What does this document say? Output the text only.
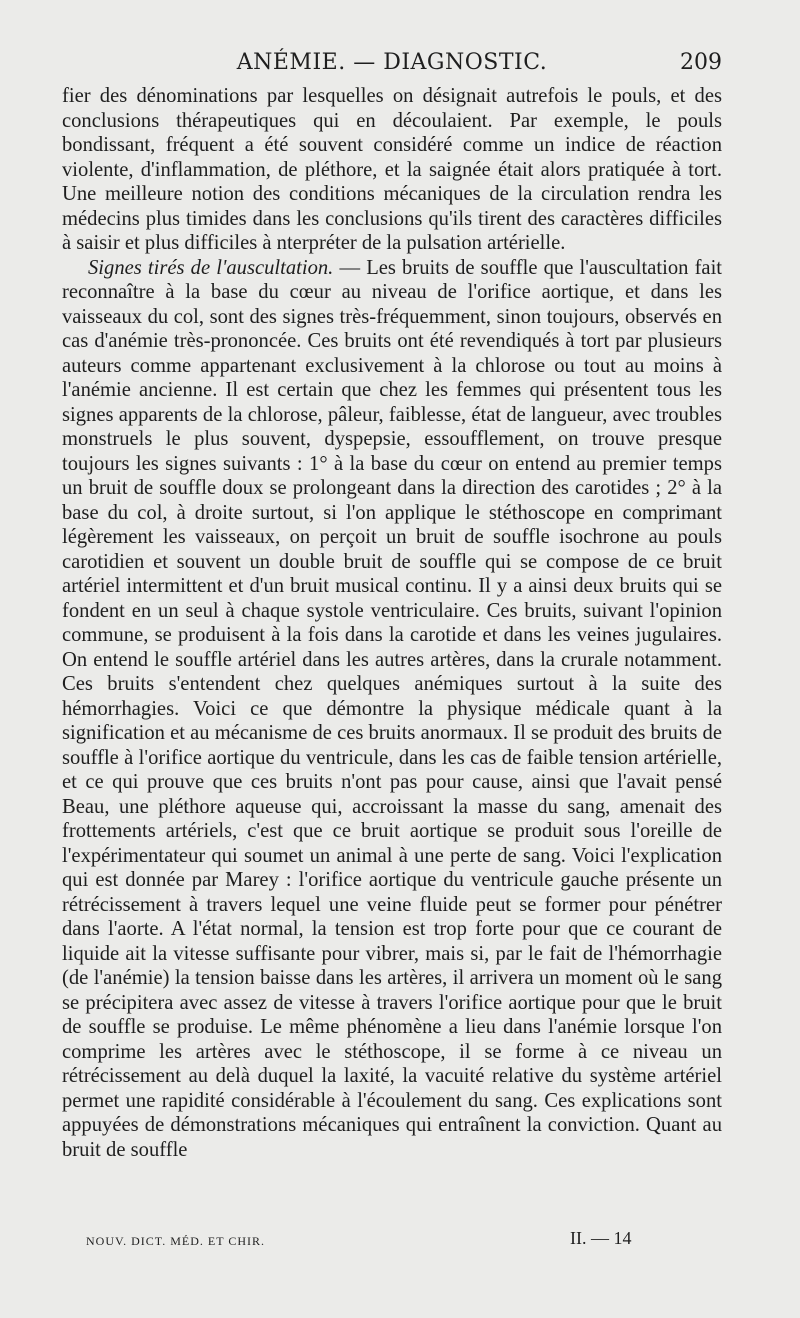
ANÉMIE. — DIAGNOSTIC.	209

fier des dénominations par lesquelles on désignait autrefois le pouls, et des conclusions thérapeutiques qui en découlaient. Par exemple, le pouls bondissant, fréquent a été souvent considéré comme un indice de réaction violente, d'inflammation, de pléthore, et la saignée était alors pratiquée à tort. Une meilleure notion des conditions mécaniques de la circulation rendra les médecins plus timides dans les conclusions qu'ils tirent des caractères difficiles à saisir et plus difficiles à nterpréter de la pulsation artérielle.

Signes tirés de l'auscultation. — Les bruits de souffle que l'auscultation fait reconnaître à la base du cœur au niveau de l'orifice aortique, et dans les vaisseaux du col, sont des signes très-fréquemment, sinon toujours, observés en cas d'anémie très-prononcée. Ces bruits ont été revendiqués à tort par plusieurs auteurs comme appartenant exclusivement à la chlorose ou tout au moins à l'anémie ancienne. Il est certain que chez les femmes qui présentent tous les signes apparents de la chlorose, pâleur, faiblesse, état de langueur, avec troubles monstruels le plus souvent, dyspepsie, essoufflement, on trouve presque toujours les signes suivants : 1° à la base du cœur on entend au premier temps un bruit de souffle doux se prolongeant dans la direction des carotides ; 2° à la base du col, à droite surtout, si l'on applique le stéthoscope en comprimant légèrement les vaisseaux, on perçoit un bruit de souffle isochrone au pouls carotidien et souvent un double bruit de souffle qui se compose de ce bruit artériel intermittent et d'un bruit musical continu. Il y a ainsi deux bruits qui se fondent en un seul à chaque systole ventriculaire. Ces bruits, suivant l'opinion commune, se produisent à la fois dans la carotide et dans les veines jugulaires. On entend le souffle artériel dans les autres artères, dans la crurale notamment. Ces bruits s'entendent chez quelques anémiques surtout à la suite des hémorrhagies. Voici ce que démontre la physique médicale quant à la signification et au mécanisme de ces bruits anormaux. Il se produit des bruits de souffle à l'orifice aortique du ventricule, dans les cas de faible tension artérielle, et ce qui prouve que ces bruits n'ont pas pour cause, ainsi que l'avait pensé Beau, une pléthore aqueuse qui, accroissant la masse du sang, amenait des frottements artériels, c'est que ce bruit aortique se produit sous l'oreille de l'expérimentateur qui soumet un animal à une perte de sang. Voici l'explication qui est donnée par Marey : l'orifice aortique du ventricule gauche présente un rétrécissement à travers lequel une veine fluide peut se former pour pénétrer dans l'aorte. A l'état normal, la tension est trop forte pour que ce courant de liquide ait la vitesse suffisante pour vibrer, mais si, par le fait de l'hémorrhagie (de l'anémie) la tension baisse dans les artères, il arrivera un moment où le sang se précipitera avec assez de vitesse à travers l'orifice aortique pour que le bruit de souffle se produise. Le même phénomène a lieu dans l'anémie lorsque l'on comprime les artères avec le stéthoscope, il se forme à ce niveau un rétrécissement au delà duquel la laxité, la vacuité relative du système artériel permet une rapidité considérable à l'écoulement du sang. Ces explications sont appuyées de démonstrations mécaniques qui entraînent la conviction. Quant au bruit de souffle

NOUV. DICT. MÉD. ET CHIR.	II. — 14
